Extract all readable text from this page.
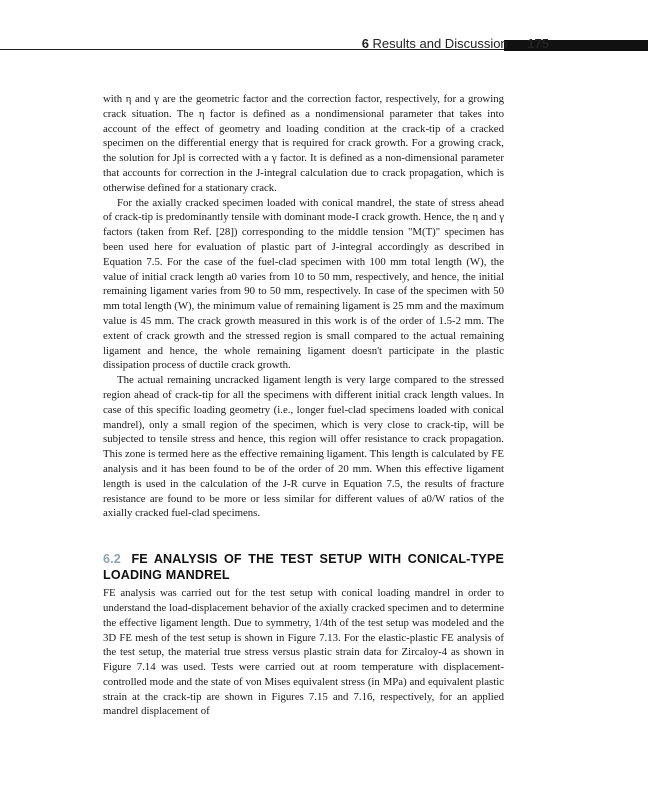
6 Results and Discussion 175

with η and γ are the geometric factor and the correction factor, respectively, for a growing crack situation. The η factor is defined as a nondimensional parameter that takes into account of the effect of geometry and loading condition at the crack-tip of a cracked specimen on the differential energy that is required for crack growth. For a growing crack, the solution for Jpl is corrected with a γ factor. It is defined as a non-dimensional parameter that accounts for correction in the J-integral calculation due to crack propagation, which is otherwise defined for a stationary crack.

For the axially cracked specimen loaded with conical mandrel, the state of stress ahead of crack-tip is predominantly tensile with dominant mode-I crack growth. Hence, the η and γ factors (taken from Ref. [28]) corresponding to the middle tension "M(T)" specimen has been used here for evaluation of plastic part of J-integral accordingly as described in Equation 7.5. For the case of the fuel-clad specimen with 100 mm total length (W), the value of initial crack length a0 varies from 10 to 50 mm, respectively, and hence, the initial remaining ligament varies from 90 to 50 mm, respectively. In case of the specimen with 50 mm total length (W), the minimum value of remaining ligament is 25 mm and the maximum value is 45 mm. The crack growth measured in this work is of the order of 1.5-2 mm. The extent of crack growth and the stressed region is small compared to the actual remaining ligament and hence, the whole remaining ligament doesn't participate in the plastic dissipation process of ductile crack growth.

The actual remaining uncracked ligament length is very large compared to the stressed region ahead of crack-tip for all the specimens with different initial crack length values. In case of this specific loading geometry (i.e., longer fuel-clad specimens loaded with conical mandrel), only a small region of the specimen, which is very close to crack-tip, will be subjected to tensile stress and hence, this region will offer resistance to crack propagation. This zone is termed here as the effective remaining ligament. This length is calculated by FE analysis and it has been found to be of the order of 20 mm. When this effective ligament length is used in the calculation of the J-R curve in Equation 7.5, the results of fracture resistance are found to be more or less similar for different values of a0/W ratios of the axially cracked fuel-clad specimens.

6.2 FE ANALYSIS OF THE TEST SETUP WITH CONICAL-TYPE LOADING MANDREL

FE analysis was carried out for the test setup with conical loading mandrel in order to understand the load-displacement behavior of the axially cracked specimen and to determine the effective ligament length. Due to symmetry, 1/4th of the test setup was modeled and the 3D FE mesh of the test setup is shown in Figure 7.13. For the elastic-plastic FE analysis of the test setup, the material true stress versus plastic strain data for Zircaloy-4 as shown in Figure 7.14 was used. Tests were carried out at room temperature with displacement-controlled mode and the state of von Mises equivalent stress (in MPa) and equivalent plastic strain at the crack-tip are shown in Figures 7.15 and 7.16, respectively, for an applied mandrel displacement of
